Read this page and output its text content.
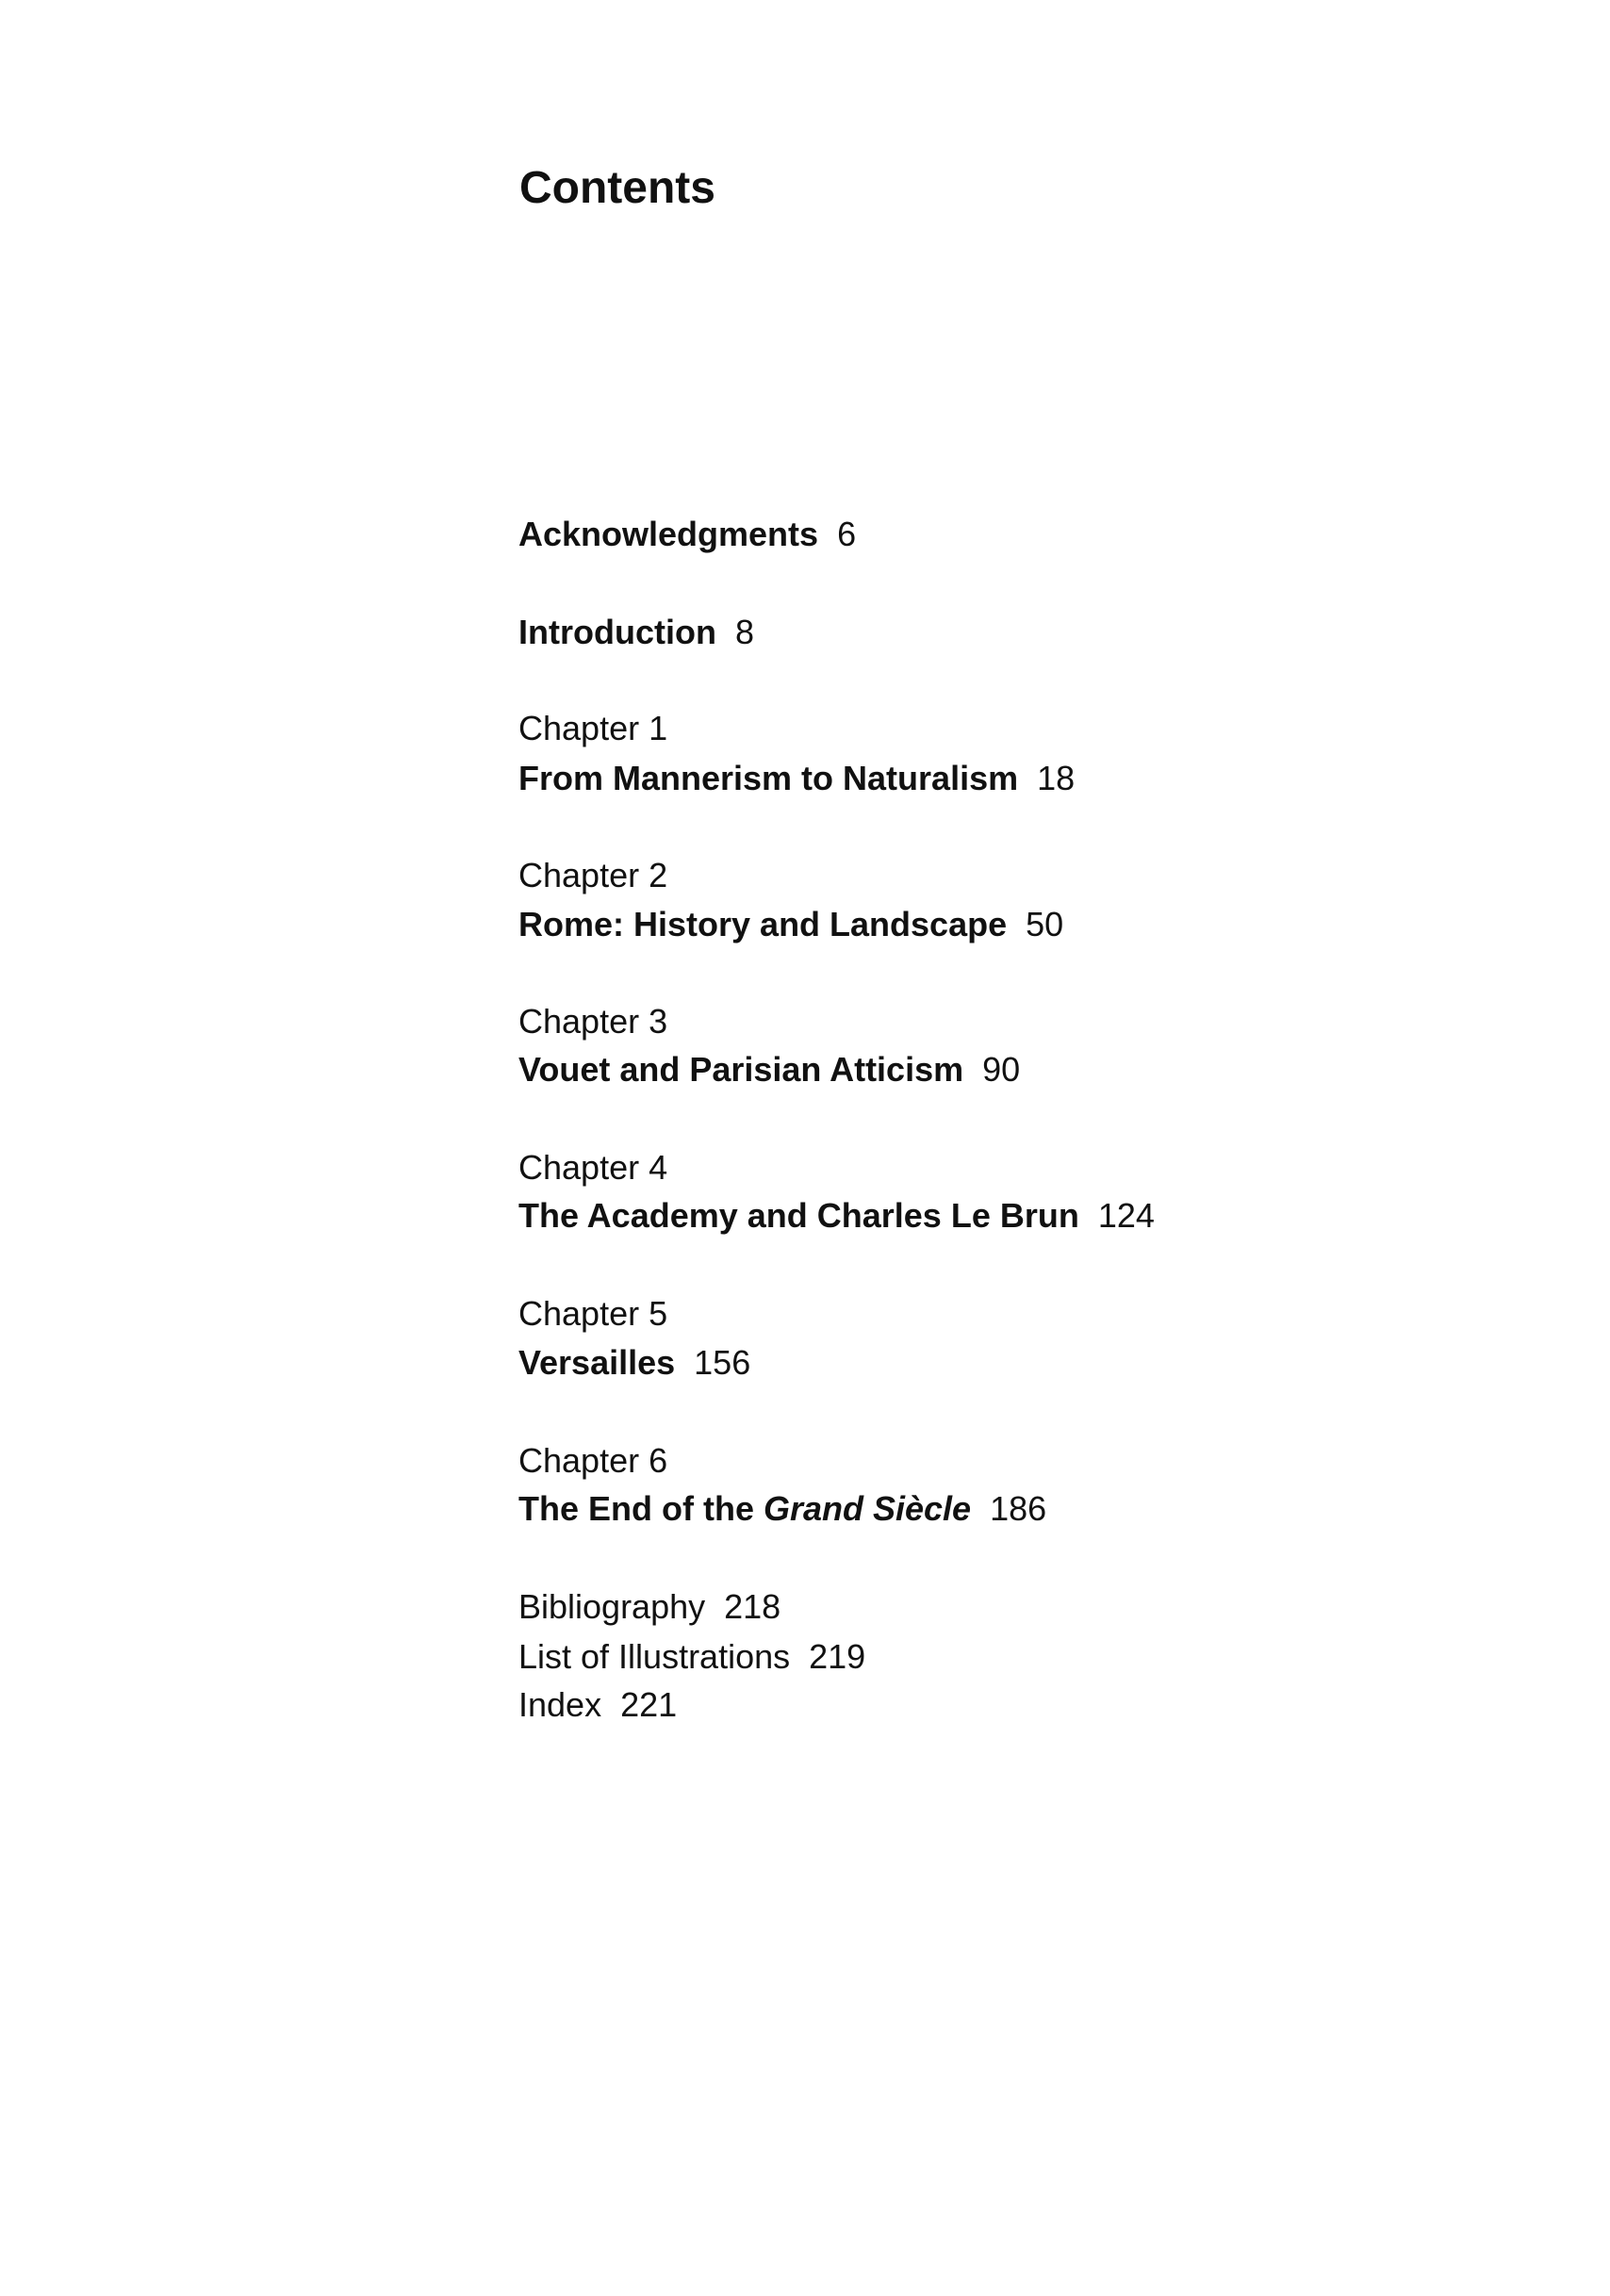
Contents
Acknowledgments 6
Introduction 8
Chapter 1
From Mannerism to Naturalism 18
Chapter 2
Rome: History and Landscape 50
Chapter 3
Vouet and Parisian Atticism 90
Chapter 4
The Academy and Charles Le Brun 124
Chapter 5
Versailles 156
Chapter 6
The End of the Grand Siècle 186
Bibliography 218
List of Illustrations 219
Index 221
